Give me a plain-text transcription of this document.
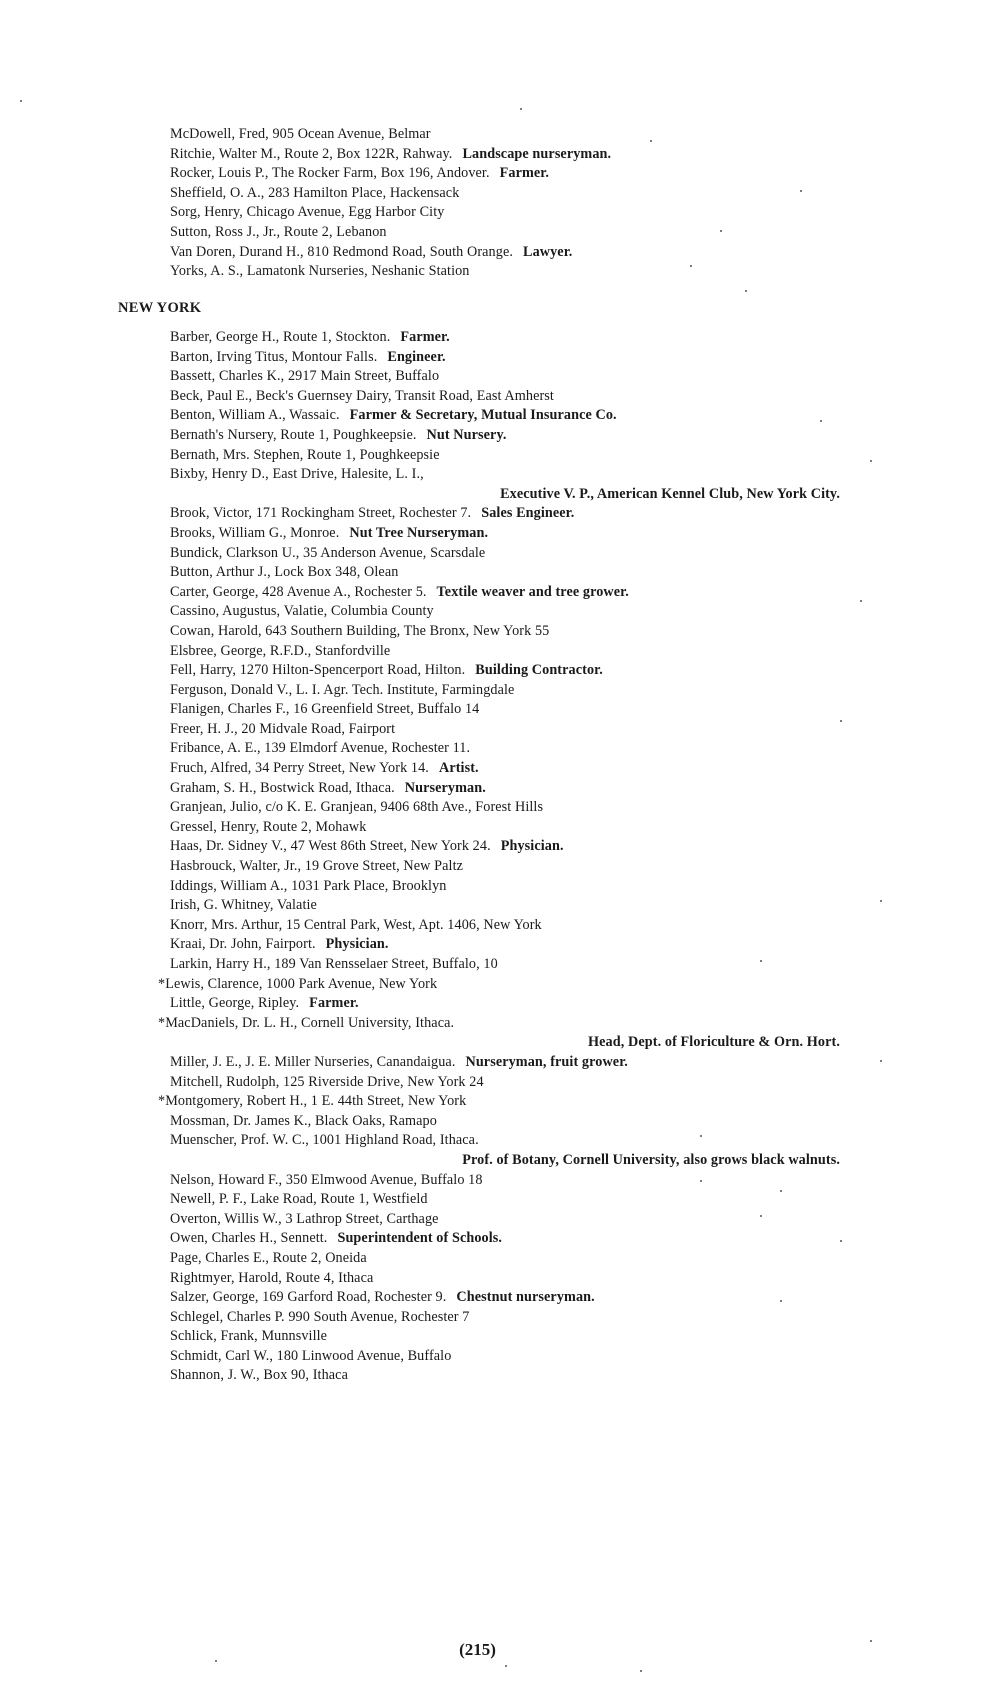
McDowell, Fred, 905 Ocean Avenue, Belmar
Ritchie, Walter M., Route 2, Box 122R, Rahway. Landscape nurseryman.
Rocker, Louis P., The Rocker Farm, Box 196, Andover. Farmer.
Sheffield, O. A., 283 Hamilton Place, Hackensack
Sorg, Henry, Chicago Avenue, Egg Harbor City
Sutton, Ross J., Jr., Route 2, Lebanon
Van Doren, Durand H., 810 Redmond Road, South Orange. Lawyer.
Yorks, A. S., Lamatonk Nurseries, Neshanic Station
NEW YORK
Barber, George H., Route 1, Stockton. Farmer.
Barton, Irving Titus, Montour Falls. Engineer.
Bassett, Charles K., 2917 Main Street, Buffalo
Beck, Paul E., Beck's Guernsey Dairy, Transit Road, East Amherst
Benton, William A., Wassaic. Farmer & Secretary, Mutual Insurance Co.
Bernath's Nursery, Route 1, Poughkeepsie. Nut Nursery.
Bernath, Mrs. Stephen, Route 1, Poughkeepsie
Bixby, Henry D., East Drive, Halesite, L. I.,
Executive V. P., American Kennel Club, New York City.
Brook, Victor, 171 Rockingham Street, Rochester 7. Sales Engineer.
Brooks, William G., Monroe. Nut Tree Nurseryman.
Bundick, Clarkson U., 35 Anderson Avenue, Scarsdale
Button, Arthur J., Lock Box 348, Olean
Carter, George, 428 Avenue A., Rochester 5. Textile weaver and tree grower.
Cassino, Augustus, Valatie, Columbia County
Cowan, Harold, 643 Southern Building, The Bronx, New York 55
Elsbree, George, R.F.D., Stanfordville
Fell, Harry, 1270 Hilton-Spencerport Road, Hilton. Building Contractor.
Ferguson, Donald V., L. I. Agr. Tech. Institute, Farmingdale
Flanigen, Charles F., 16 Greenfield Street, Buffalo 14
Freer, H. J., 20 Midvale Road, Fairport
Fribance, A. E., 139 Elmdorf Avenue, Rochester 11.
Fruch, Alfred, 34 Perry Street, New York 14. Artist.
Graham, S. H., Bostwick Road, Ithaca. Nurseryman.
Granjean, Julio, c/o K. E. Granjean, 9406 68th Ave., Forest Hills
Gressel, Henry, Route 2, Mohawk
Haas, Dr. Sidney V., 47 West 86th Street, New York 24. Physician.
Hasbrouck, Walter, Jr., 19 Grove Street, New Paltz
Iddings, William A., 1031 Park Place, Brooklyn
Irish, G. Whitney, Valatie
Knorr, Mrs. Arthur, 15 Central Park, West, Apt. 1406, New York
Kraai, Dr. John, Fairport. Physician.
Larkin, Harry H., 189 Van Rensselaer Street, Buffalo, 10
*Lewis, Clarence, 1000 Park Avenue, New York
Little, George, Ripley. Farmer.
*MacDaniels, Dr. L. H., Cornell University, Ithaca.
Head, Dept. of Floriculture & Orn. Hort.
Miller, J. E., J. E. Miller Nurseries, Canandaigua. Nurseryman, fruit grower.
Mitchell, Rudolph, 125 Riverside Drive, New York 24
*Montgomery, Robert H., 1 E. 44th Street, New York
Mossman, Dr. James K., Black Oaks, Ramapo
Muenscher, Prof. W. C., 1001 Highland Road, Ithaca.
Prof. of Botany, Cornell University, also grows black walnuts.
Nelson, Howard F., 350 Elmwood Avenue, Buffalo 18
Newell, P. F., Lake Road, Route 1, Westfield
Overton, Willis W., 3 Lathrop Street, Carthage
Owen, Charles H., Sennett. Superintendent of Schools.
Page, Charles E., Route 2, Oneida
Rightmyer, Harold, Route 4, Ithaca
Salzer, George, 169 Garford Road, Rochester 9. Chestnut nurseryman.
Schlegel, Charles P. 990 South Avenue, Rochester 7
Schlick, Frank, Munnsville
Schmidt, Carl W., 180 Linwood Avenue, Buffalo
Shannon, J. W., Box 90, Ithaca
(215)
